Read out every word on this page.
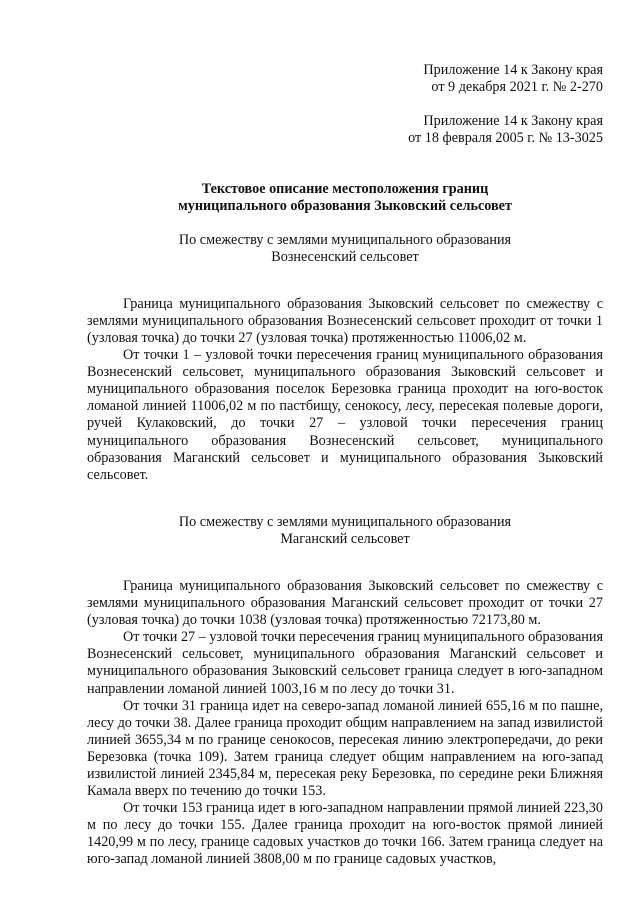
Приложение 14 к Закону края

от 9 декабря 2021 г. № 2-270

Приложение 14 к Закону края

от 18 февраля 2005 г. № 13-3025

Текстовое описание местоположения границ

муниципального образования Зыковский сельсовет

По смежеству с землями муниципального образования

Вознесенский сельсовет

Граница муниципального образования Зыковский сельсовет по смежеству с землями муниципального образования Вознесенский сельсовет проходит от точки 1 (узловая точка) до точки 27 (узловая точка) протяженностью 11006,02 м.

От точки 1 – узловой точки пересечения границ муниципального образования Вознесенский сельсовет, муниципального образования Зыковский сельсовет и муниципального образования поселок Березовка граница проходит на юго-восток ломаной линией 11006,02 м по пастбищу, сенокосу, лесу, пересекая полевые дороги, ручей Кулаковский, до точки 27 – узловой точки пересечения границ муниципального образования Вознесенский сельсовет, муниципального образования Маганский сельсовет и муниципального образования Зыковский сельсовет.

По смежеству с землями муниципального образования

Маганский сельсовет

Граница муниципального образования Зыковский сельсовет по смежеству с землями муниципального образования Маганский сельсовет проходит от точки 27 (узловая точка) до точки 1038 (узловая точка) протяженностью 72173,80 м.

От точки 27 – узловой точки пересечения границ муниципального образования Вознесенский сельсовет, муниципального образования Маганский сельсовет и муниципального образования Зыковский сельсовет граница следует в юго-западном направлении ломаной линией 1003,16 м по лесу до точки 31.

От точки 31 граница идет на северо-запад ломаной линией 655,16 м по пашне, лесу до точки 38. Далее граница проходит общим направлением на запад извилистой линией 3655,34 м по границе сенокосов, пересекая линию электропередачи, до реки Березовка (точка 109). Затем граница следует общим направлением на юго-запад извилистой линией 2345,84 м, пересекая реку Березовка, по середине реки Ближняя Камала вверх по течению до точки 153.

От точки 153 граница идет в юго-западном направлении прямой линией 223,30 м по лесу до точки 155. Далее граница проходит на юго-восток прямой линией 1420,99 м по лесу, границе садовых участков до точки 166. Затем граница следует на юго-запад ломаной линией 3808,00 м по границе садовых участков,
